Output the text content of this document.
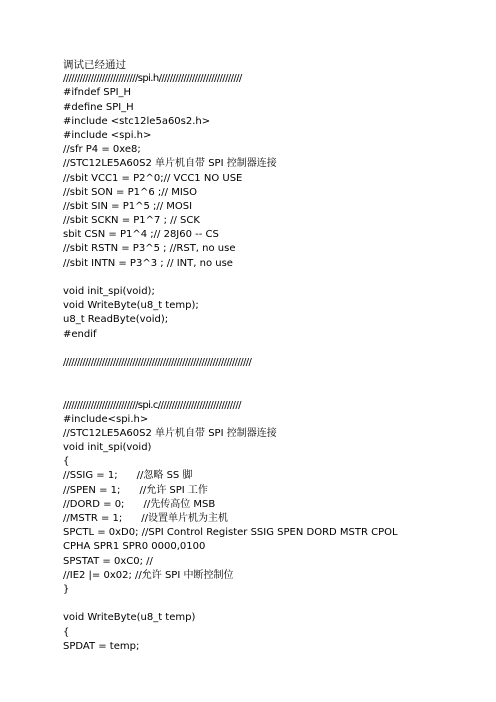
调试已经通过
///////////////////////////spi.h//////////////////////////////
#ifndef SPI_H
#define SPI_H
#include <stc12le5a60s2.h>
#include <spi.h>
//sfr P4 = 0xe8;
//STC12LE5A60S2 单片机自带 SPI 控制器连接
//sbit VCC1 = P2^0;// VCC1 NO USE
//sbit SON = P1^6 ;// MISO
//sbit SIN = P1^5 ;// MOSI
//sbit SCKN = P1^7 ; // SCK
sbit CSN = P1^4 ;// 28J60 -- CS
//sbit RSTN = P3^5 ; //RST, no use
//sbit INTN = P3^3 ; // INT, no use
void init_spi(void);
void WriteByte(u8_t temp);
u8_t ReadByte(void);
#endif
////////////////////////////////////////////////////////////////////
///////////////////////////spi.c//////////////////////////////
#include<spi.h>
//STC12LE5A60S2 单片机自带 SPI 控制器连接
void init_spi(void)
{
//SSIG = 1;      //忽略 SS 脚
//SPEN = 1;      //允许 SPI 工作
//DORD = 0;      //先传高位 MSB
//MSTR = 1;      //设置单片机为主机
SPCTL = 0xD0; //SPI Control Register SSIG SPEN DORD MSTR CPOL CPHA SPR1 SPR0 0000,0100
SPSTAT = 0xC0; //
//IE2 |= 0x02; //允许 SPI 中断控制位
}
void WriteByte(u8_t temp)
{
SPDAT = temp;
